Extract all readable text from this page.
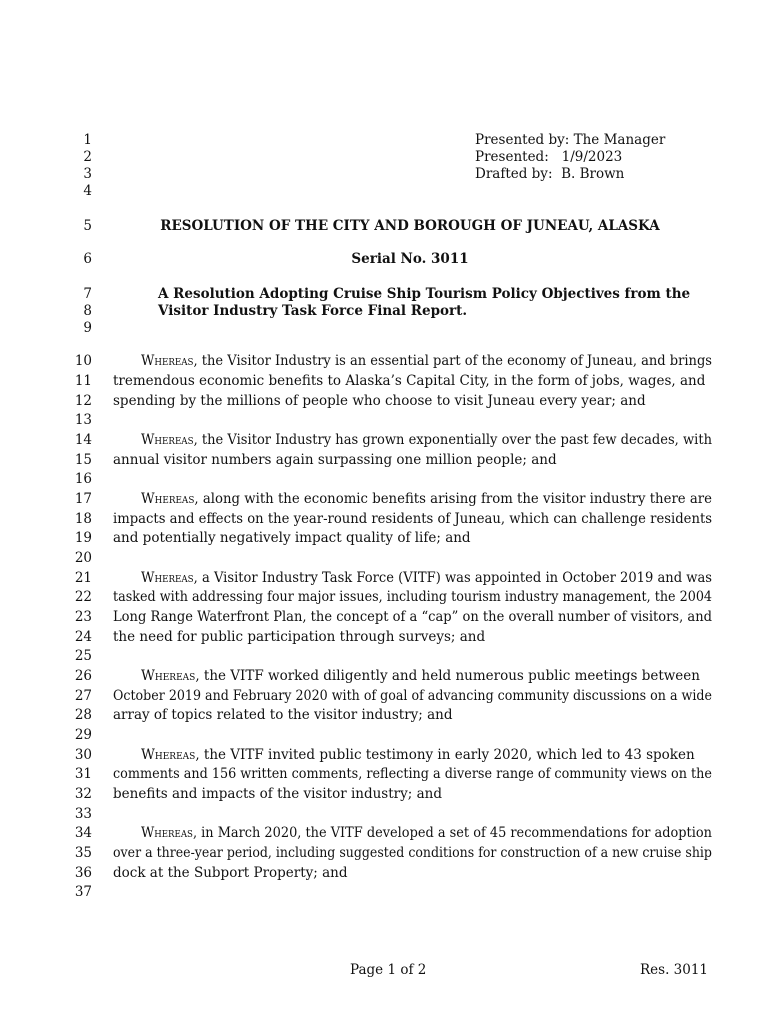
1
2
3
4
5
6
7
8
9
10
11
12
13
14
15
16
17
18
19
20
21
22
23
24
25
26
27
28
29
30
31
32
33
34
35
36
37
Presented by: The Manager
Presented:   1/9/2023
Drafted by:  B. Brown
RESOLUTION OF THE CITY AND BOROUGH OF JUNEAU, ALASKA
Serial No. 3011
A Resolution Adopting Cruise Ship Tourism Policy Objectives from the
Visitor Industry Task Force Final Report.
Whereas, the Visitor Industry is an essential part of the economy of Juneau, and brings
tremendous economic benefits to Alaska’s Capital City, in the form of jobs, wages, and
spending by the millions of people who choose to visit Juneau every year; and
Whereas, the Visitor Industry has grown exponentially over the past few decades, with
annual visitor numbers again surpassing one million people; and
Whereas, along with the economic benefits arising from the visitor industry there are
impacts and effects on the year-round residents of Juneau, which can challenge residents
and potentially negatively impact quality of life; and
Whereas, a Visitor Industry Task Force (VITF) was appointed in October 2019 and was
tasked with addressing four major issues, including tourism industry management, the 2004
Long Range Waterfront Plan, the concept of a “cap” on the overall number of visitors, and
the need for public participation through surveys; and
Whereas, the VITF worked diligently and held numerous public meetings between
October 2019 and February 2020 with of goal of advancing community discussions on a wide
array of topics related to the visitor industry; and
Whereas, the VITF invited public testimony in early 2020, which led to 43 spoken
comments and 156 written comments, reflecting a diverse range of community views on the
benefits and impacts of the visitor industry; and
Whereas, in March 2020, the VITF developed a set of 45 recommendations for adoption
over a three-year period, including suggested conditions for construction of a new cruise ship
dock at the Subport Property; and
Page 1 of 2	Res. 3011
